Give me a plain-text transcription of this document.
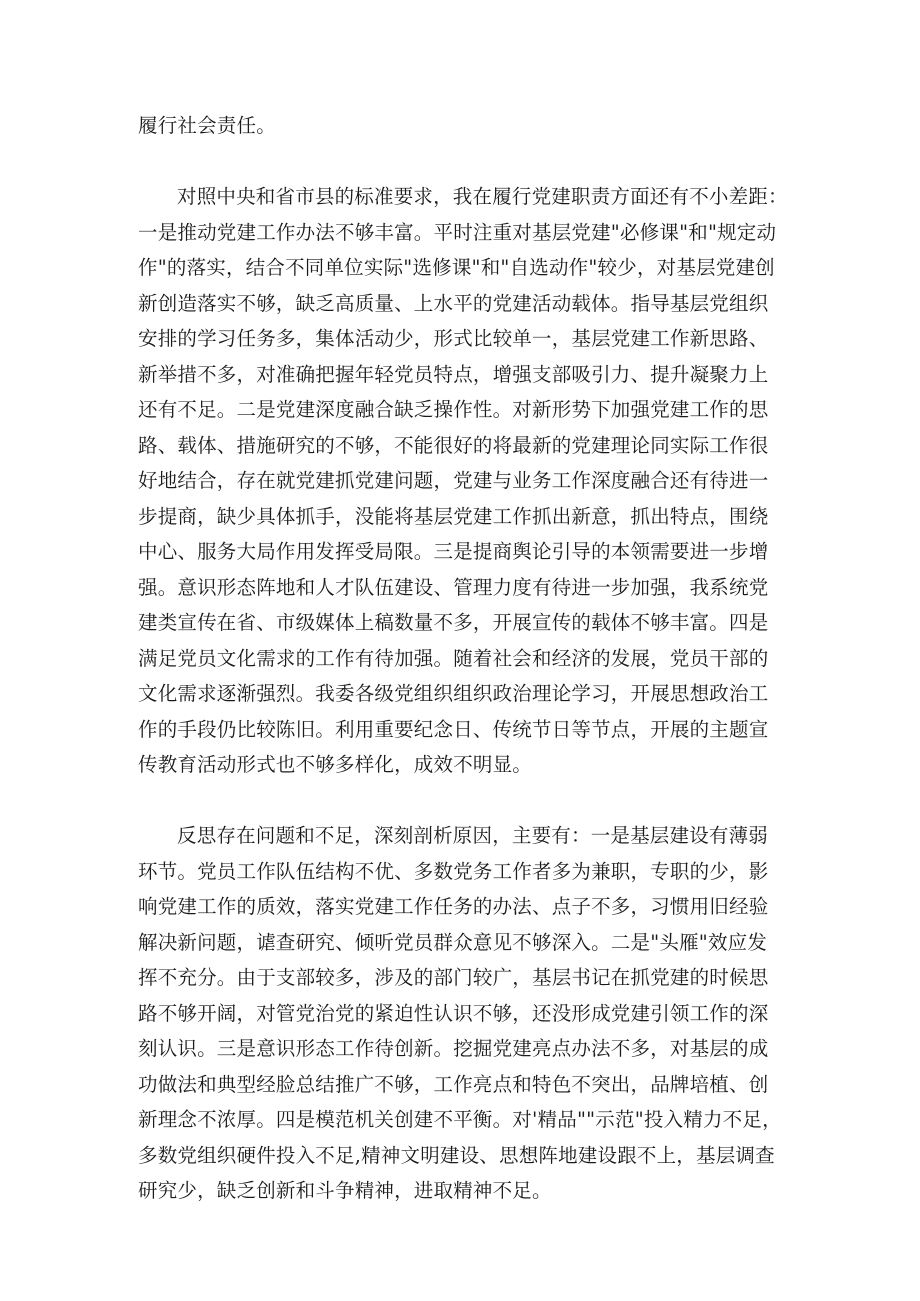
履行社会责任。
对照中央和省市县的标准要求，我在履行党建职责方面还有不小差距：
一是推动党建工作办法不够丰富。平时注重对基层党建"必修课"和"规定动
作"的落实，结合不同单位实际"选修课"和"自选动作"较少，对基层党建创
新创造落实不够，缺乏高质量、上水平的党建活动载体。指导基层党组织
安排的学习任务多，集体活动少，形式比较单一，基层党建工作新思路、
新举措不多，对准确把握年轻党员特点，增强支部吸引力、提升凝聚力上
还有不足。二是党建深度融合缺乏操作性。对新形势下加强党建工作的思
路、载体、措施研究的不够，不能很好的将最新的党建理论同实际工作很
好地结合，存在就党建抓党建问题，党建与业务工作深度融合还有待进一
步提商，缺少具体抓手，没能将基层党建工作抓出新意，抓出特点，围绕
中心、服务大局作用发挥受局限。三是提商舆论引导的本领需要进一步增
强。意识形态阵地和人才队伍建设、管理力度有待进一步加强，我系统党
建类宣传在省、市级媒体上稿数量不多，开展宣传的载体不够丰富。四是
满足党员文化需求的工作有待加强。随着社会和经济的发展，党员干部的
文化需求逐渐强烈。我委各级党组织组织政治理论学习，开展思想政治工
作的手段仍比较陈旧。利用重要纪念日、传统节日等节点，开展的主题宣
传教育活动形式也不够多样化，成效不明显。
反思存在问题和不足，深刻剖析原因，主要有：一是基层建设有薄弱
环节。党员工作队伍结构不优、多数党务工作者多为兼职，专职的少，影
响党建工作的质效，落实党建工作任务的办法、点子不多，习惯用旧经验
解决新问题，谑查研究、倾听党员群众意见不够深入。二是"头雁"效应发
挥不充分。由于支部较多，涉及的部门较广，基层书记在抓党建的时候思
路不够开阔，对管党治党的紧迫性认识不够，还没形成党建引领工作的深
刻认识。三是意识形态工作待创新。挖掘党建亮点办法不多，对基层的成
功做法和典型经脸总结推广不够，工作亮点和特色不突出，品牌培植、创
新理念不浓厚。四是模范机关创建不平衡。对'精品""示范"投入精力不足，
多数党组织硬件投入不足,精神文明建设、思想阵地建设跟不上，基层调查
研究少，缺乏创新和斗争精神，进取精神不足。
